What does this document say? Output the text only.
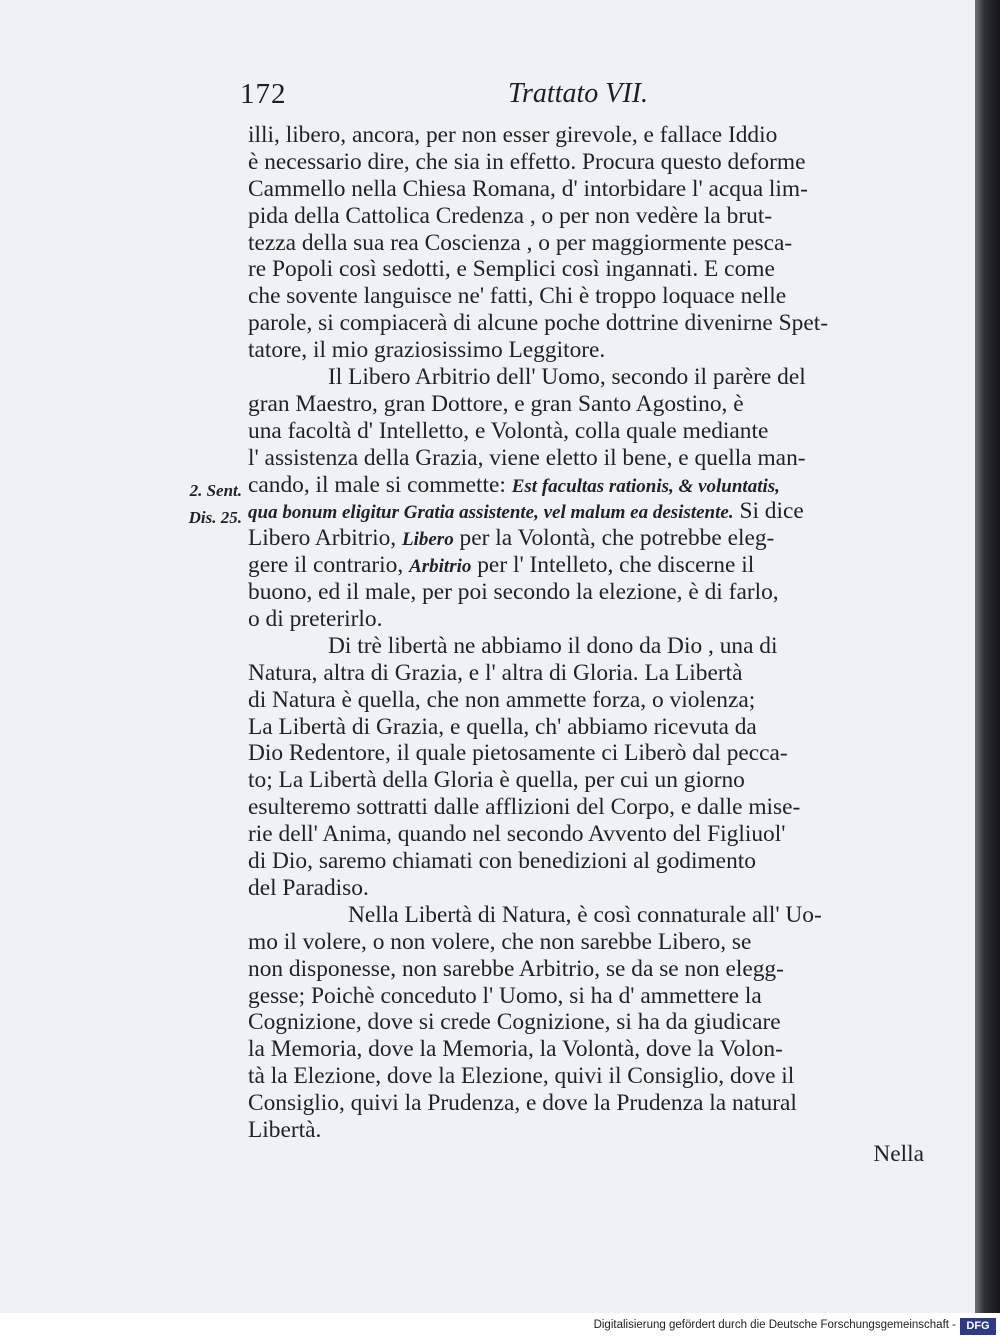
172	Trattato VII.
2. Sent.
Dis. 25.
illi, libero, ancora, per non esser girevole, e fallace Iddio
è necessario dire, che sia in effetto. Procura questo deforme
Cammello nella Chiesa Romana, d' intorbidare l' acqua lim-
pida della Cattolica Credenza , o per non vedère la brut-
tezza della sua rea Coscienza , o per maggiormente pesca-
re Popoli così sedotti, e Semplici così ingannati. E come
che sovente languisce ne' fatti, Chi è troppo loquace nelle
parole, si compiacerà di alcune poche dottrine divenirne Spet-
tatore, il mio graziosissimo Leggitore.
Il Libero Arbitrio dell' Uomo, secondo il parère del
gran Maestro, gran Dottore, e gran Santo Agostino, è
una facoltà d' Intelletto, e Volontà, colla quale mediante
l' assistenza della Grazia, viene eletto il bene, e quella man-
cando, il male si commette: Est facultas rationis, & voluntatis,
qua bonum eligitur Gratia assistente, vel malum ea desistente. Si dice
Libero Arbitrio, Libero per la Volontà, che potrebbe eleg-
gere il contrario, Arbitrio per l' Intelleto, che discerne il
buono, ed il male, per poi secondo la elezione, è di farlo,
o di preterirlo.
Di trè libertà ne abbiamo il dono da Dio , una di
Natura, altra di Grazia, e l' altra di Gloria. La Libertà
di Natura è quella, che non ammette forza, o violenza;
La Libertà di Grazia, e quella, ch' abbiamo ricevuta da
Dio Redentore, il quale pietosamente ci Liberò dal pecca-
to; La Libertà della Gloria è quella, per cui un giorno
esulteremo sottratti dalle afflizioni del Corpo, e dalle mise-
rie dell' Anima, quando nel secondo Avvento del Figliuol'
di Dio, saremo chiamati con benedizioni al godimento
del Paradiso.
Nella Libertà di Natura, è così connaturale all' Uo-
mo il volere, o non volere, che non sarebbe Libero, se
non disponesse, non sarebbe Arbitrio, se da se non elegg-
gesse; Poichè conceduto l' Uomo, si ha d' ammettere la
Cognizione, dove si crede Cognizione, si ha da giudicare
la Memoria, dove la Memoria, la Volontà, dove la Volon-
tà la Elezione, dove la Elezione, quivi il Consiglio, dove il
Consiglio, quivi la Prudenza, e dove la Prudenza la natural
Libertà.
Nella
Digitalisierung gefördert durch die Deutsche Forschungsgemeinschaft - DFG
